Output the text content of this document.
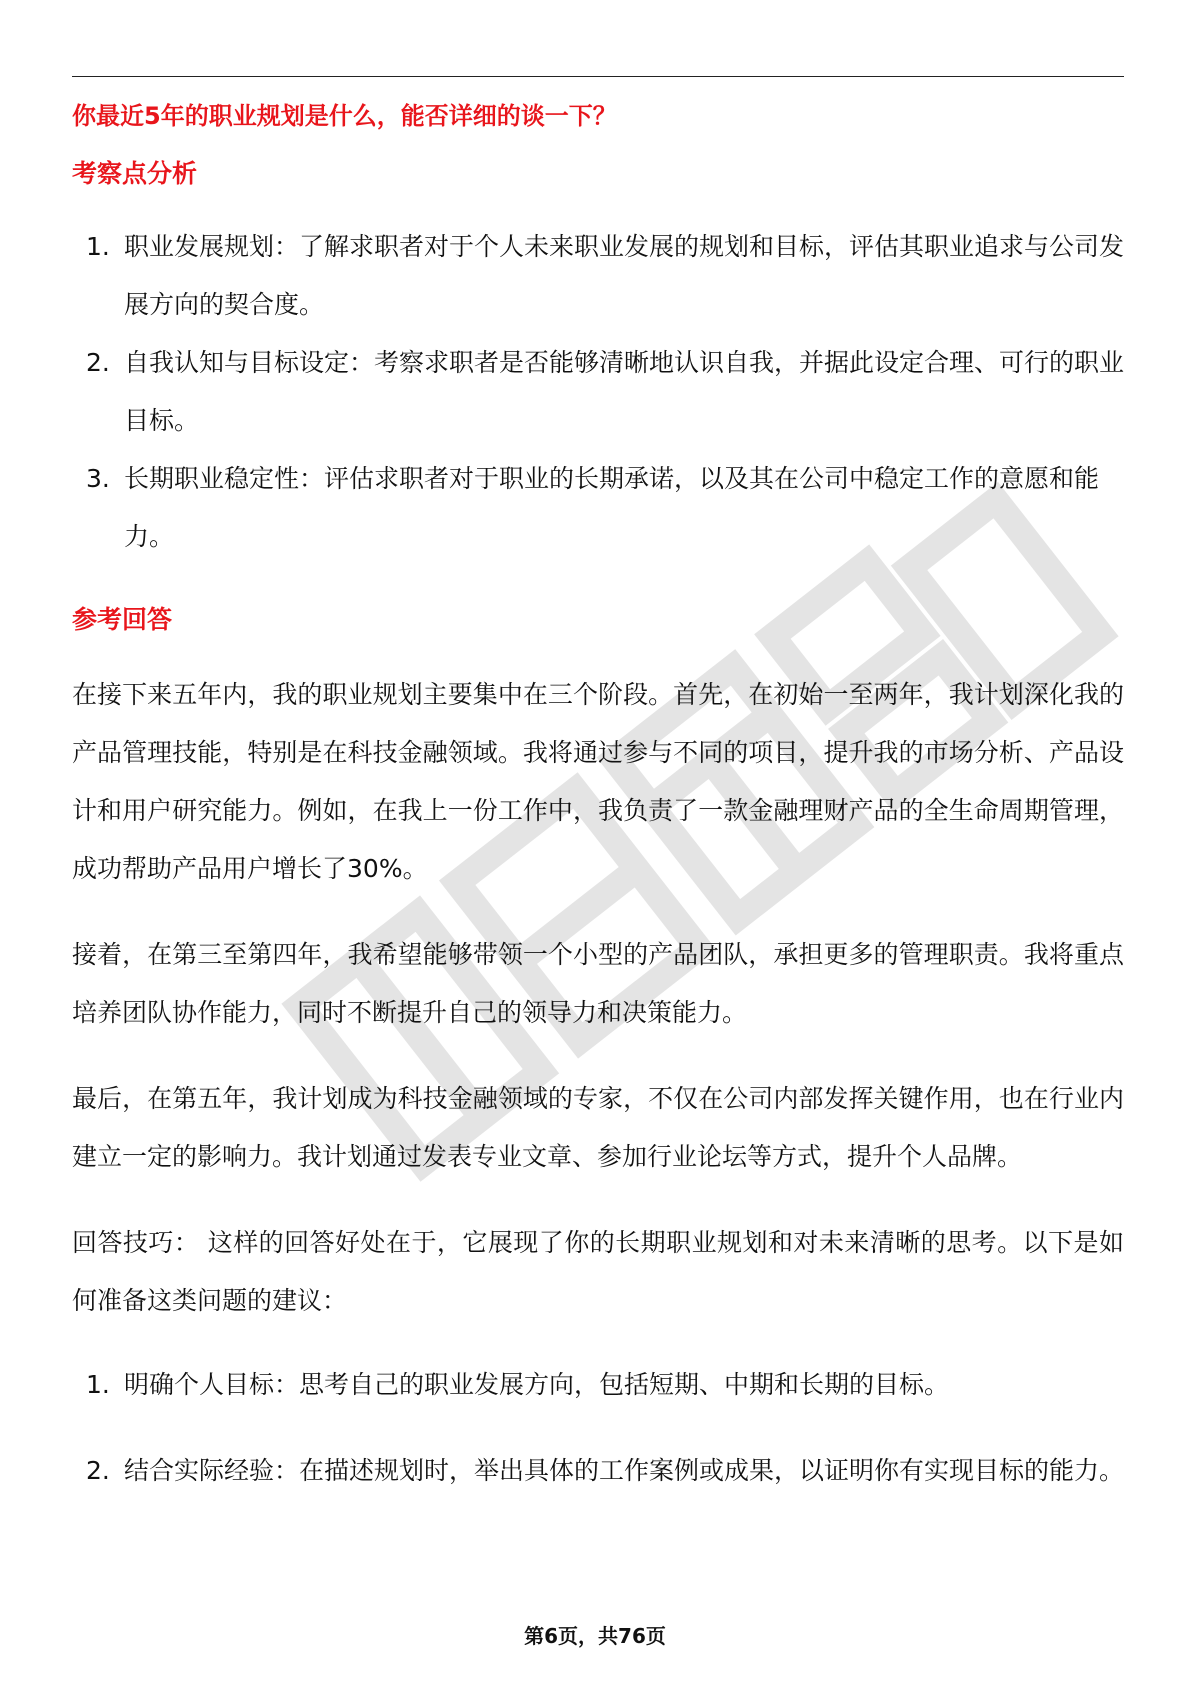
你最近5年的职业规划是什么，能否详细的谈一下？

考察点分析
1. 职业发展规划：了解求职者对于个人未来职业发展的规划和目标，评估其职业追求与公司发展方向的契合度。
2. 自我认知与目标设定：考察求职者是否能够清晰地认识自我，并据此设定合理、可行的职业目标。
3. 长期职业稳定性：评估求职者对于职业的长期承诺，以及其在公司中稳定工作的意愿和能力。
参考回答

在接下来五年内，我的职业规划主要集中在三个阶段。首先，在初始一至两年，我计划深化我的产品管理技能，特别是在科技金融领域。我将通过参与不同的项目，提升我的市场分析、产品设计和用户研究能力。例如，在我上一份工作中，我负责了一款金融理财产品的全生命周期管理，成功帮助产品用户增长了30%。

接着，在第三至第四年，我希望能够带领一个小型的产品团队，承担更多的管理职责。我将重点培养团队协作能力，同时不断提升自己的领导力和决策能力。

最后，在第五年，我计划成为科技金融领域的专家，不仅在公司内部发挥关键作用，也在行业内建立一定的影响力。我计划通过发表专业文章、参加行业论坛等方式，提升个人品牌。

回答技巧： 这样的回答好处在于，它展现了你的长期职业规划和对未来清晰的思考。以下是如何准备这类问题的建议：

1. 明确个人目标：思考自己的职业发展方向，包括短期、中期和长期的目标。
2. 结合实际经验：在描述规划时，举出具体的工作案例或成果，以证明你有实现目标的能力。
第6页，共76页
